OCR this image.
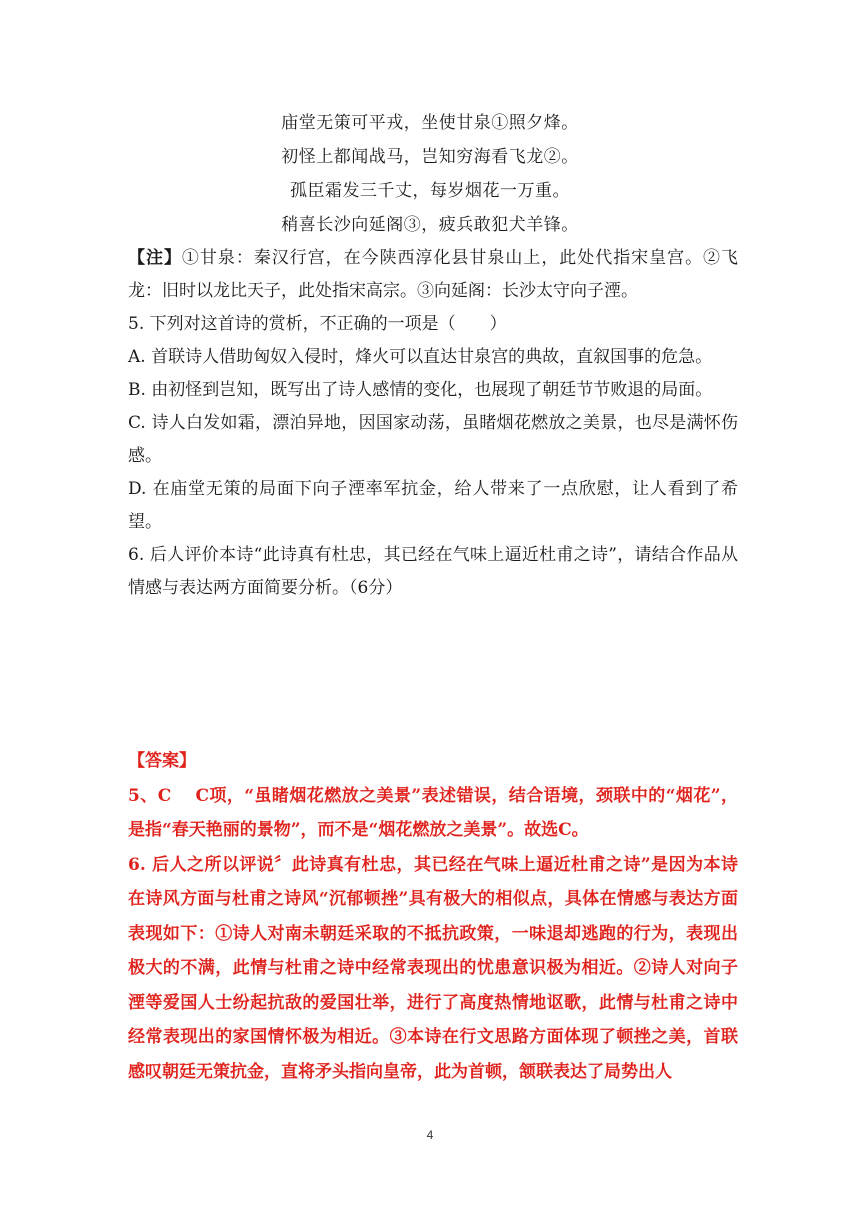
庙堂无策可平戎，坐使甘泉①照夕烽。
初怪上都闻战马，岂知穷海看飞龙②。
孤臣霜发三千丈，每岁烟花一万重。
稍喜长沙向延阁③，疲兵敢犯犬羊锋。

【注】①甘泉：秦汉行宫，在今陕西淳化县甘泉山上，此处代指宋皇宫。②飞龙：旧时以龙比天子，此处指宋高宗。③向延阁：长沙太守向子湮。

5. 下列对这首诗的赏析，不正确的一项是（　　）

A. 首联诗人借助匈奴入侵时，烽火可以直达甘泉宫的典故，直叙国事的危急。

B. 由初怪到岂知，既写出了诗人感情的变化，也展现了朝廷节节败退的局面。

C. 诗人白发如霜，漂泊异地，因国家动荡，虽睹烟花燃放之美景，也尽是满怀伤感。

D. 在庙堂无策的局面下向子湮率军抗金，给人带来了一点欣慰，让人看到了希望。

6. 后人评价本诗“此诗真有杜忠，其已经在气味上逼近杜甫之诗”，请结合作品从情感与表达两方面简要分析。（6分）

【答案】

5、C　 C项，“虽睹烟花燃放之美景”表述错误，结合语境，颈联中的“烟花”，是指“春天艳丽的景物”，而不是“烟花燃放之美景”。故选C。

6. 后人之所以评说〞此诗真有杜忠，其已经在气味上逼近杜甫之诗”是因为本诗在诗风方面与杜甫之诗风“沉郁顿挫”具有极大的相似点，具体在情感与表达方面表现如下：①诗人对南未朝廷采取的不抵抗政策，一味退却逃跑的行为，表现出极大的不满，此情与杜甫之诗中经常表现出的忧患意识极为相近。②诗人对向子湮等爱国人士纷起抗敌的爱国壮举，进行了高度热情地讴歌，此情与杜甫之诗中经常表现出的家国情怀极为相近。③本诗在行文思路方面体现了顿挫之美，首联感叹朝廷无策抗金，直将矛头指向皇帝，此为首顿，颔联表达了局势出人

4
